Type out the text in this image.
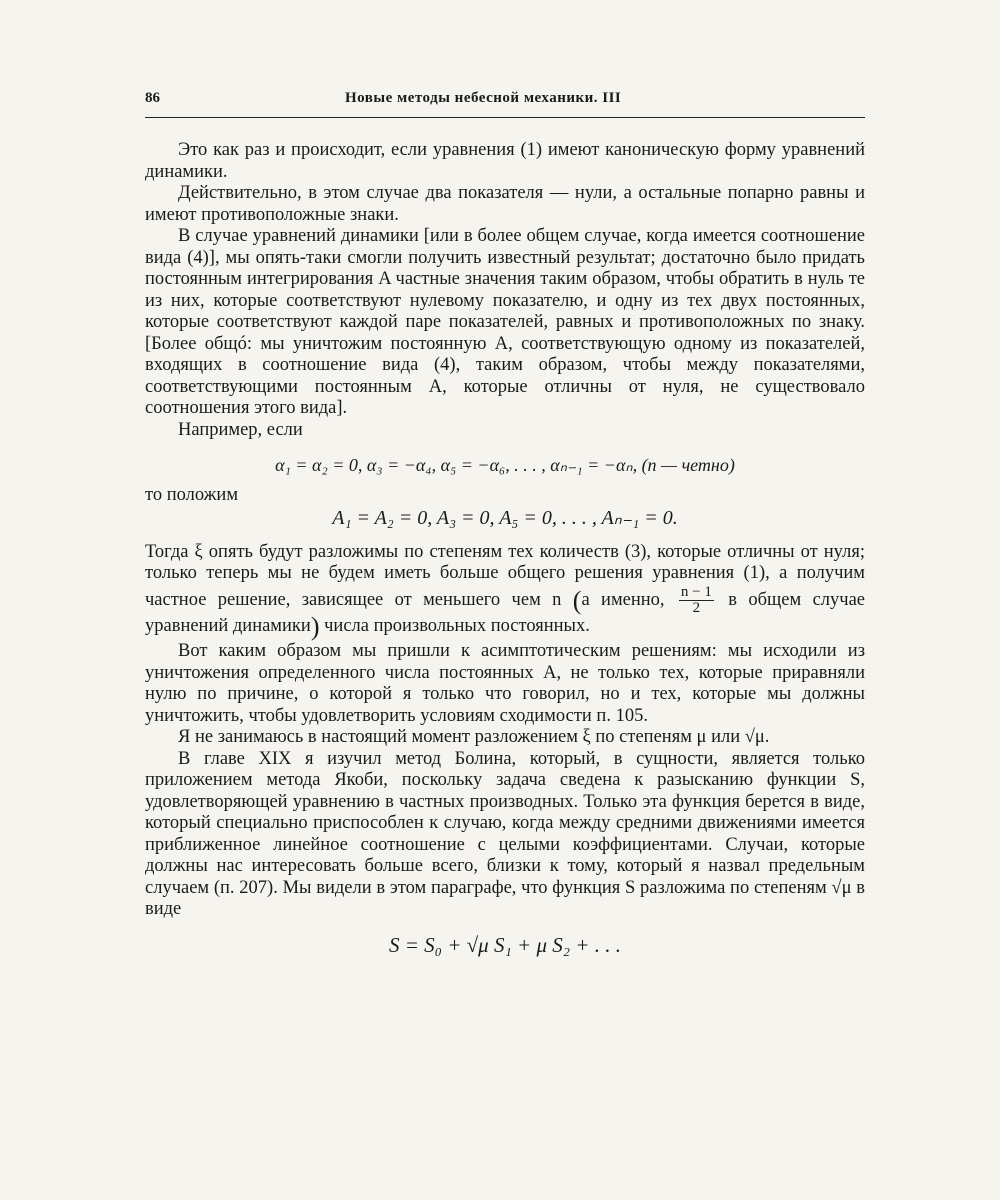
86	Новые методы небесной механики. III

Это как раз и происходит, если уравнения (1) имеют каноническую форму уравнений динамики.

Действительно, в этом случае два показателя — нули, а остальные попарно равны и имеют противоположные знаки.

В случае уравнений динамики [или в более общем случае, когда имеется соотношение вида (4)], мы опять-таки смогли получить известный результат; достаточно было придать постоянным интегрирования A частные значения таким образом, чтобы обратить в нуль те из них, которые соответствуют нулевому показателю, и одну из тех двух постоянных, которые соответствуют каждой паре показателей, равных и противоположных по знаку. [Более общó: мы уничтожим постоянную A, соответствующую одному из показателей, входящих в соотношение вида (4), таким образом, чтобы между показателями, соответствующими постоянным A, которые отличны от нуля, не существовало соотношения этого вида].

Например, если

α₁ = α₂ = 0, α₃ = −α₄, α₅ = −α₆, . . . , αₙ₋₁ = −αₙ, (n — четно)

то положим

A₁ = A₂ = 0, A₃ = 0, A₅ = 0, . . . , Aₙ₋₁ = 0.

Тогда ξ опять будут разложимы по степеням тех количеств (3), которые отличны от нуля; только теперь мы не будем иметь больше общего решения уравнения (1), а получим частное решение, зависящее от меньшего чем n (а именно, $\frac{n - 1}{2}$ в общем случае уравнений динамики) числа произвольных постоянных.

Вот каким образом мы пришли к асимптотическим решениям: мы исходили из уничтожения определенного числа постоянных A, не только тех, которые приравняли нулю по причине, о которой я только что говорил, но и тех, которые мы должны уничтожить, чтобы удовлетворить условиям сходимости п. 105.

Я не занимаюсь в настоящий момент разложением ξ по степеням μ или √μ.

В главе XIX я изучил метод Болина, который, в сущности, является только приложением метода Якоби, поскольку задача сведена к разысканию функции S, удовлетворяющей уравнению в частных производных. Только эта функция берется в виде, который специально приспособлен к случаю, когда между средними движениями имеется приближенное линейное соотношение с целыми коэффициентами. Случаи, которые должны нас интересовать больше всего, близки к тому, который я назвал предельным случаем (п. 207). Мы видели в этом параграфе, что функция S разложима по степеням √μ в виде

S = S₀ + √μ S₁ + μ S₂ + . . .
